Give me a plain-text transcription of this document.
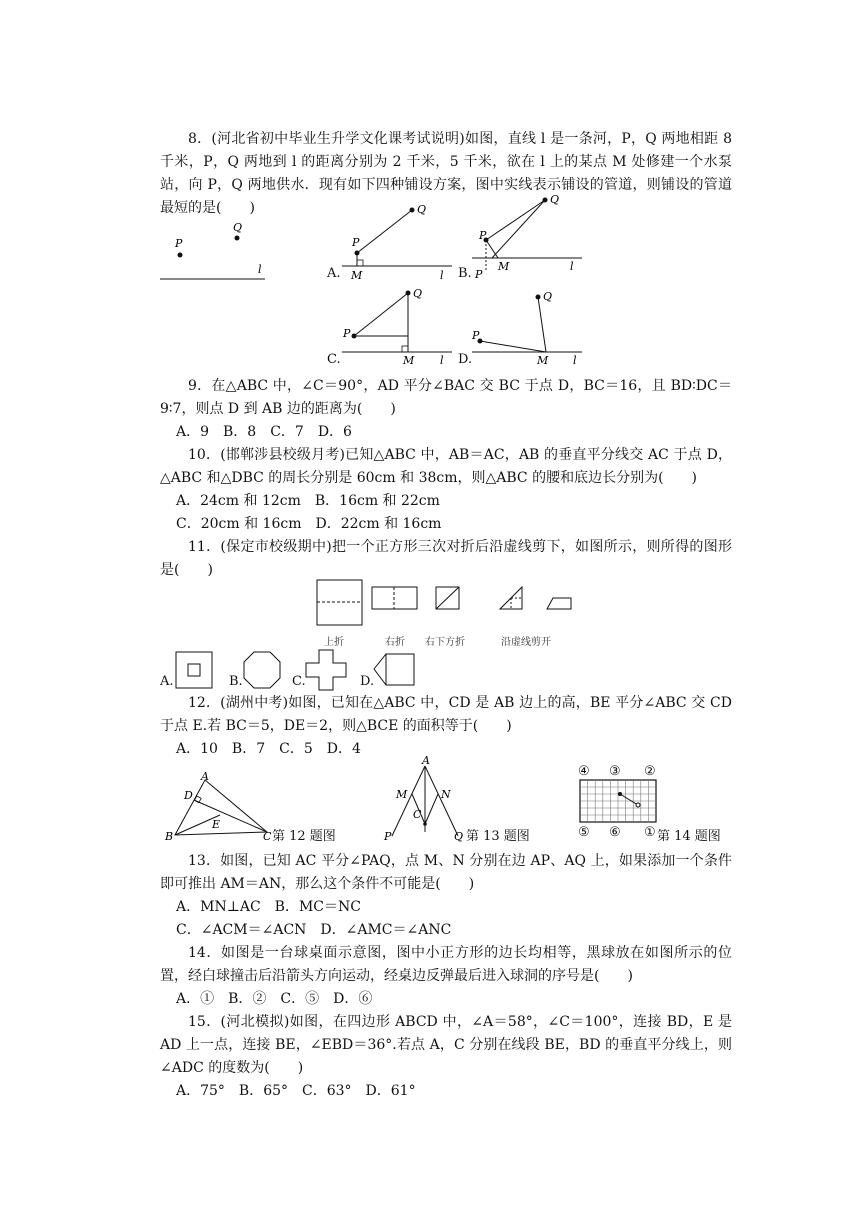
8．(河北省初中毕业生升学文化课考试说明)如图，直线 l 是一条河，P，Q 两地相距 8 千米，P，Q 两地到 l 的距离分别为 2 千米，5 千米，欲在 l 上的某点 M 处修建一个水泵站，向 P，Q 两地供水．现有如下四种铺设方案，图中实线表示铺设的管道，则铺设的管道最短的是(　　)
P
Q
l	A.
P
Q
M	l B.
P
Q
M
P
l
C.
P
Q
M l D.
P
Q
M l
9．在△ABC 中，∠C＝90°，AD 平分∠BAC 交 BC 于点 D，BC＝16，且 BD∶DC＝9∶7，则点 D 到 AB 边的距离为(　　)
A．9　B．8　C．7　D．6
10．(邯郸涉县校级月考)已知△ABC 中，AB＝AC，AB 的垂直平分线交 AC 于点 D，△ABC 和△DBC 的周长分别是 60cm 和 38cm，则△ABC 的腰和底边长分别为(　　)
A．24cm 和 12cm　B．16cm 和 22cm
C．20cm 和 16cm　D．22cm 和 16cm
11．(保定市校级期中)把一个正方形三次对折后沿虚线剪下，如图所示，则所得的图形是(　　)
上折	右折 右下方折	沿虚线剪开
A.	B.	C.	D.
12．(湖州中考)如图，已知在△ABC 中，CD 是 AB 边上的高，BE 平分∠ABC 交 CD 于点 E.若 BC＝5，DE＝2，则△BCE 的面积等于(　　)
A．10　B．7　C．5　D．4
A
D
E
B	C 第 12 题图
A
M	N
C
P	Q 第 13 题图
④ ③ ②
⑤ ⑥ ① 第 14 题图
13．如图，已知 AC 平分∠PAQ，点 M、N 分别在边 AP、AQ 上，如果添加一个条件即可推出 AM＝AN，那么这个条件不可能是(　　)
A．MN⊥AC　B．MC＝NC
C．∠ACM＝∠ACN　D．∠AMC＝∠ANC
14．如图是一台球桌面示意图，图中小正方形的边长均相等，黑球放在如图所示的位置，经白球撞击后沿箭头方向运动，经桌边反弹最后进入球洞的序号是(　　)
A．①　B．②　C．⑤　D．⑥
15．(河北模拟)如图，在四边形 ABCD 中，∠A＝58°，∠C＝100°，连接 BD，E 是 AD 上一点，连接 BE，∠EBD＝36°.若点 A，C 分别在线段 BE，BD 的垂直平分线上，则∠ADC 的度数为(　　)
A．75°　B．65°　C．63°　D．61°
